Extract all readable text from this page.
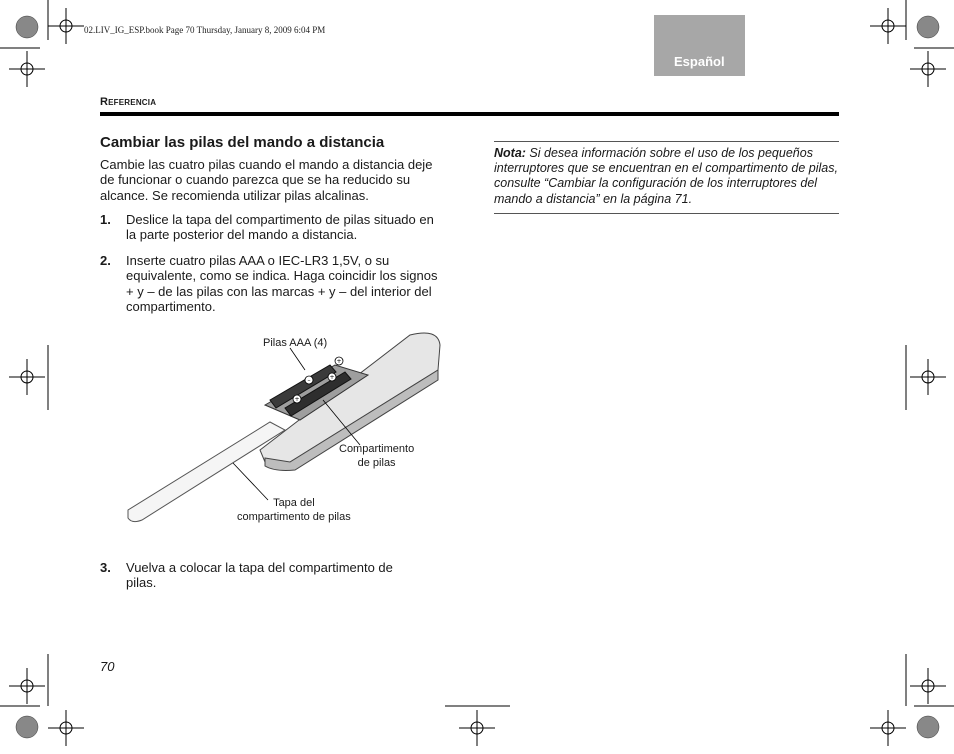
02.LIV_IG_ESP.book Page 70 Thursday, January 8, 2009 6:04 PM
Español
Referencia
Cambiar las pilas del mando a distancia
Cambie las cuatro pilas cuando el mando a distancia deje de funcionar o cuando parezca que se ha reducido su alcance. Se recomienda utilizar pilas alcalinas.
1. Deslice la tapa del compartimento de pilas situado en la parte posterior del mando a distancia.
2. Inserte cuatro pilas AAA o IEC-LR3 1,5V, o su equivalente, como se indica. Haga coincidir los signos + y – de las pilas con las marcas + y – del interior del compartimento.
+
+
–
+
Pilas AAA (4)
Compartimento
de pilas
Tapa del
compartimento de pilas
3. Vuelva a colocar la tapa del compartimento de pilas.
Nota: Si desea información sobre el uso de los pequeños interruptores que se encuentran en el compartimento de pilas, consulte “Cambiar la configuración de los interruptores del mando a distancia” en la página 71.
70
